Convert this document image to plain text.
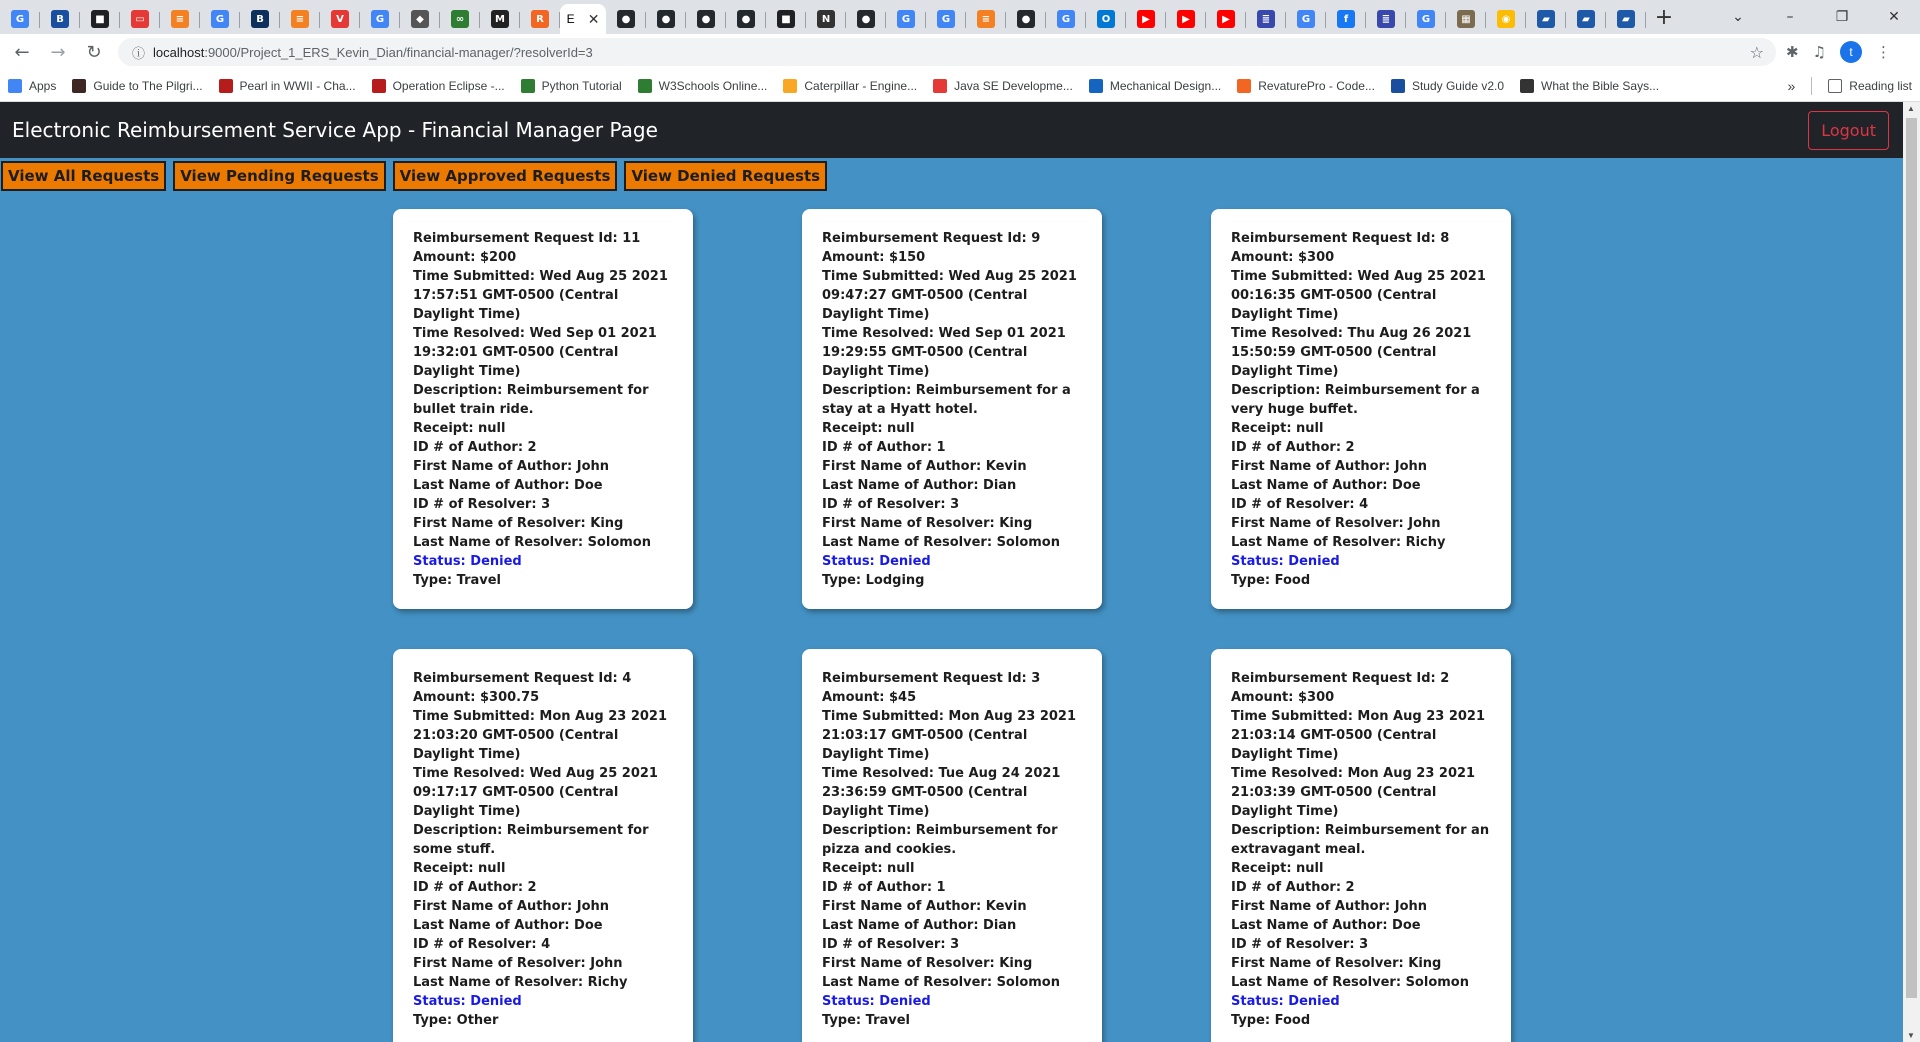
G	B	■	▭	≡	G	B	≡	V	G	◆	∞	M	R	E ✕	●	●	●	●	■	N	●	G	G	≡	●	G	O	▶	▶	▶	≣	G	f	≣	G	▦	◉	▰	▰	▰	+	⌄	–	❐	✕
←	→	↻	ⓘ localhost :9000/Project_1_ERS_Kevin_Dian/financial-manager/?resolverId=3	☆ ✱ ♫	t	⋮
Apps	Guide to The Pilgri...	Pearl in WWII - Cha...	Operation Eclipse -...	Python Tutorial	W3Schools Online...	Caterpillar - Engine...	Java SE Developme...	Mechanical Design...	RevaturePro - Code...	Study Guide v2.0	What the Bible Says...	»	Reading list
Electronic Reimbursement Service App - Financial Manager Page	Logout
View All Requests	View Pending Requests	View Approved Requests	View Denied Requests

Reimbursement Request Id: 11

Amount: $200

Time Submitted: Wed Aug 25 2021 17:57:51 GMT-0500 (Central Daylight Time)

Time Resolved: Wed Sep 01 2021 19:32:01 GMT-0500 (Central Daylight Time)

Description: Reimbursement for bullet train ride.

Receipt: null

ID # of Author: 2

First Name of Author: John

Last Name of Author: Doe

ID # of Resolver: 3

First Name of Resolver: King

Last Name of Resolver: Solomon

Status: Denied

Type: Travel

Reimbursement Request Id: 9

Amount: $150

Time Submitted: Wed Aug 25 2021 09:47:27 GMT-0500 (Central Daylight Time)

Time Resolved: Wed Sep 01 2021 19:29:55 GMT-0500 (Central Daylight Time)

Description: Reimbursement for a stay at a Hyatt hotel.

Receipt: null

ID # of Author: 1

First Name of Author: Kevin

Last Name of Author: Dian

ID # of Resolver: 3

First Name of Resolver: King

Last Name of Resolver: Solomon

Status: Denied

Type: Lodging

Reimbursement Request Id: 8

Amount: $300

Time Submitted: Wed Aug 25 2021 00:16:35 GMT-0500 (Central Daylight Time)

Time Resolved: Thu Aug 26 2021 15:50:59 GMT-0500 (Central Daylight Time)

Description: Reimbursement for a very huge buffet.

Receipt: null

ID # of Author: 2

First Name of Author: John

Last Name of Author: Doe

ID # of Resolver: 4

First Name of Resolver: John

Last Name of Resolver: Richy

Status: Denied

Type: Food

Reimbursement Request Id: 4

Amount: $300.75

Time Submitted: Mon Aug 23 2021 21:03:20 GMT-0500 (Central Daylight Time)

Time Resolved: Wed Aug 25 2021 09:17:17 GMT-0500 (Central Daylight Time)

Description: Reimbursement for some stuff.

Receipt: null

ID # of Author: 2

First Name of Author: John

Last Name of Author: Doe

ID # of Resolver: 4

First Name of Resolver: John

Last Name of Resolver: Richy

Status: Denied

Type: Other

Reimbursement Request Id: 3

Amount: $45

Time Submitted: Mon Aug 23 2021 21:03:17 GMT-0500 (Central Daylight Time)

Time Resolved: Tue Aug 24 2021 23:36:59 GMT-0500 (Central Daylight Time)

Description: Reimbursement for pizza and cookies.

Receipt: null

ID # of Author: 1

First Name of Author: Kevin

Last Name of Author: Dian

ID # of Resolver: 3

First Name of Resolver: King

Last Name of Resolver: Solomon

Status: Denied

Type: Travel

Reimbursement Request Id: 2

Amount: $300

Time Submitted: Mon Aug 23 2021 21:03:14 GMT-0500 (Central Daylight Time)

Time Resolved: Mon Aug 23 2021 21:03:39 GMT-0500 (Central Daylight Time)

Description: Reimbursement for an extravagant meal.

Receipt: null

ID # of Author: 2

First Name of Author: John

Last Name of Author: Doe

ID # of Resolver: 3

First Name of Resolver: King

Last Name of Resolver: Solomon

Status: Denied

Type: Food

▲
▼
